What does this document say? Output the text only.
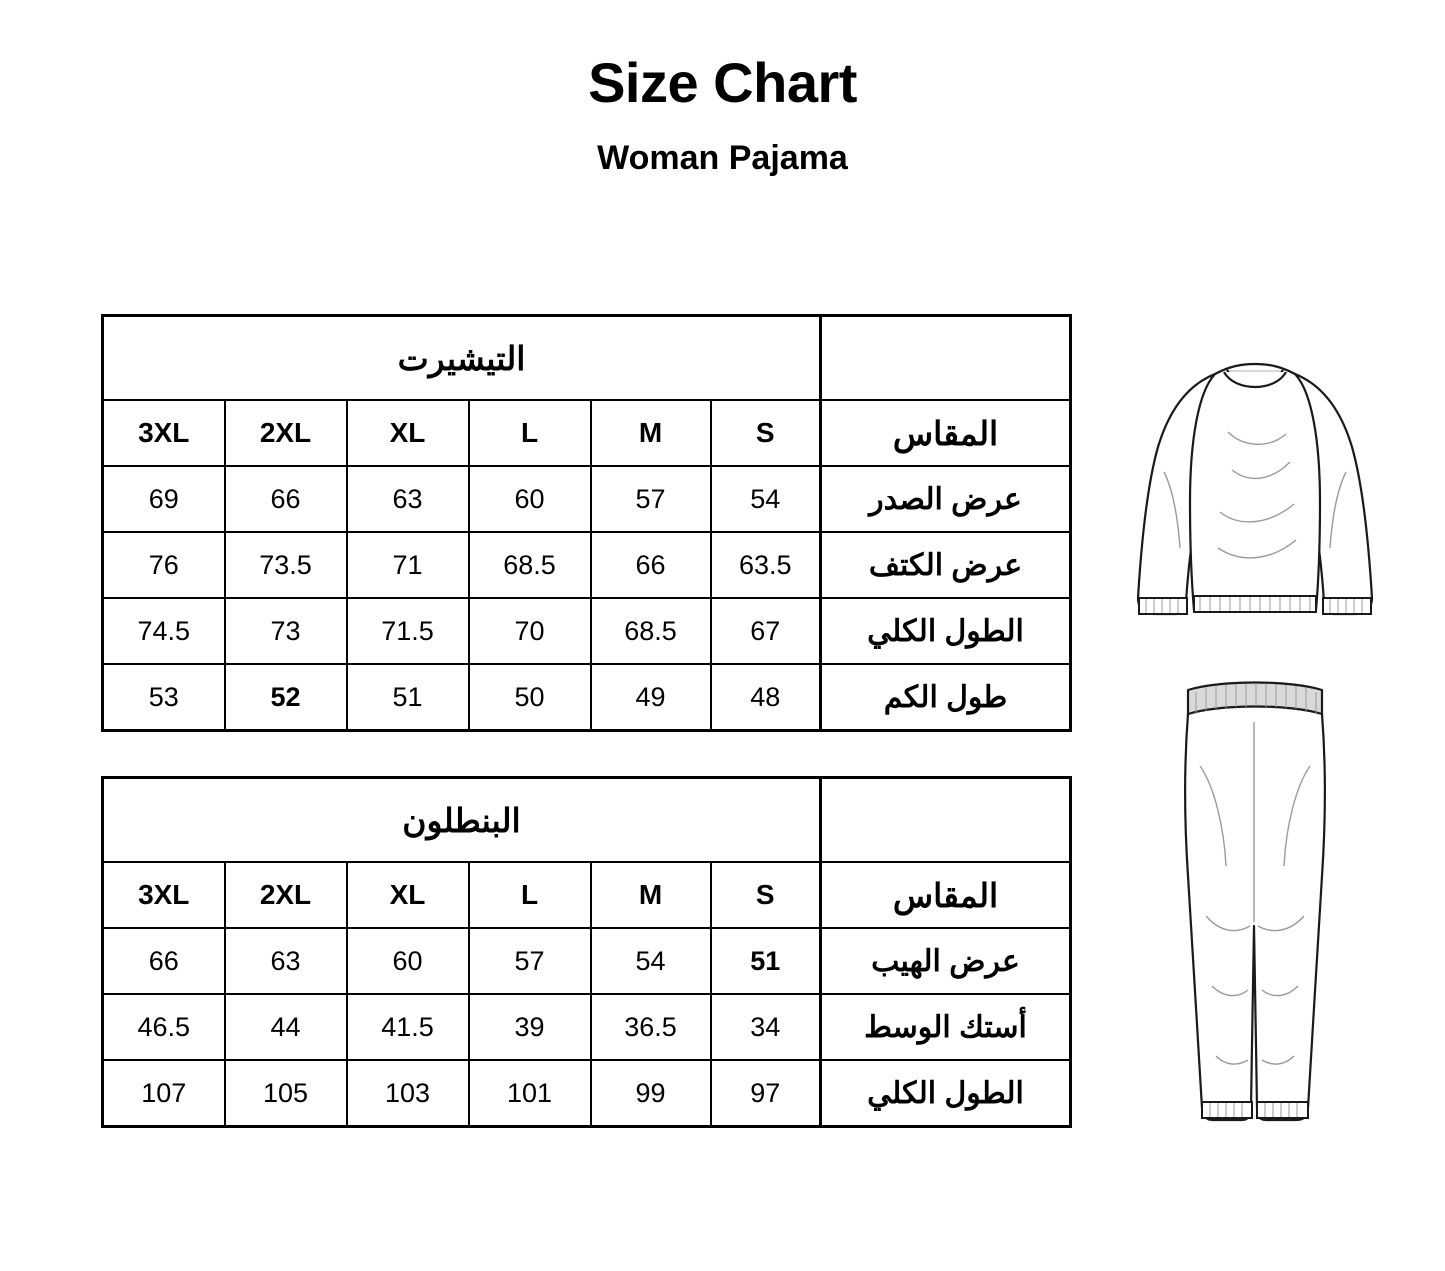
Size Chart
Woman Pajama
التيشيرت						
3XL	2XL	XL	L	M	S	المقاس
69	66	63	60	57	54	عرض الصدر
76	73.5	71	68.5	66	63.5	عرض الكتف
74.5	73	71.5	70	68.5	67	الطول الكلي
53	52	51	50	49	48	طول الكم
البنطلون						
3XL	2XL	XL	L	M	S	المقاس
66	63	60	57	54	51	عرض الهيب
46.5	44	41.5	39	36.5	34	أستك الوسط
107	105	103	101	99	97	الطول الكلي
